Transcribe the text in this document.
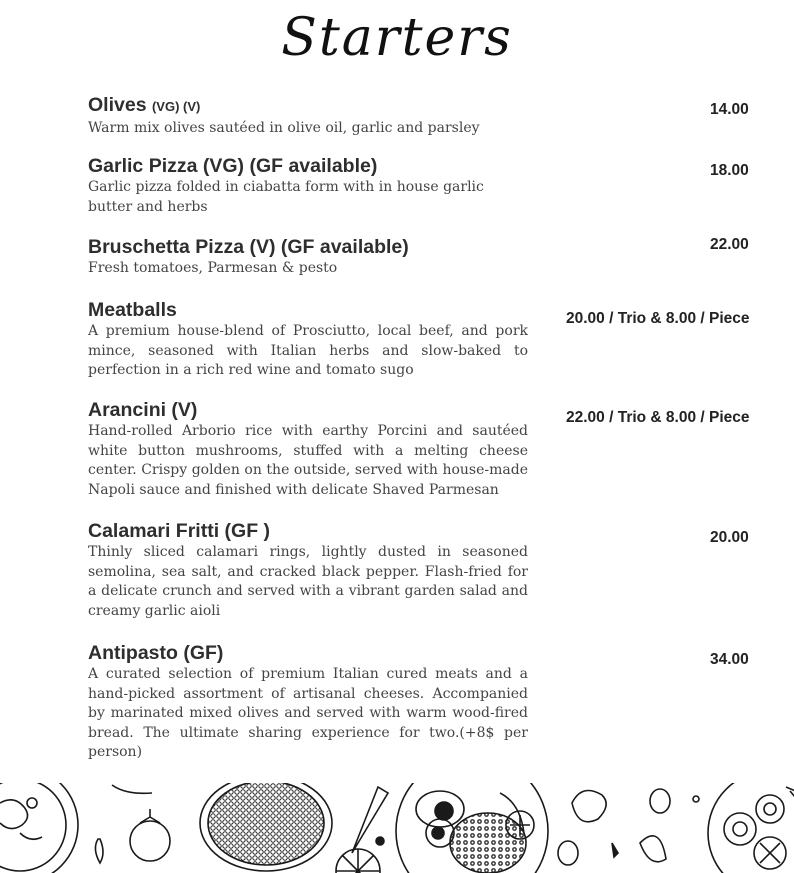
Starters
Olives (VG) (V)
Warm mix olives sautéed in olive oil, garlic and parsley
14.00
Garlic Pizza (VG) (GF available)
Garlic pizza folded in ciabatta form with in house garlic butter and herbs
18.00
Bruschetta Pizza (V) (GF available)
Fresh tomatoes, Parmesan & pesto
22.00
Meatballs
A premium house-blend of Prosciutto, local beef, and pork mince, seasoned with Italian herbs and slow-baked to perfection in a rich red wine and tomato sugo
20.00 / Trio & 8.00 / Piece
Arancini (V)
Hand-rolled Arborio rice with earthy Porcini and sautéed white button mushrooms, stuffed with a melting cheese center. Crispy golden on the outside, served with house-made Napoli sauce and finished with delicate Shaved Parmesan
22.00 / Trio & 8.00 / Piece
Calamari Fritti (GF )
Thinly sliced calamari rings, lightly dusted in seasoned semolina, sea salt, and cracked black pepper. Flash-fried for a delicate crunch and served with a vibrant garden salad and creamy garlic aioli
20.00
Antipasto (GF)
A curated selection of premium Italian cured meats and a hand-picked assortment of artisanal cheeses. Accompanied by marinated mixed olives and served with warm wood-fired bread. The ultimate sharing experience for two.(+8$ per person)
34.00
